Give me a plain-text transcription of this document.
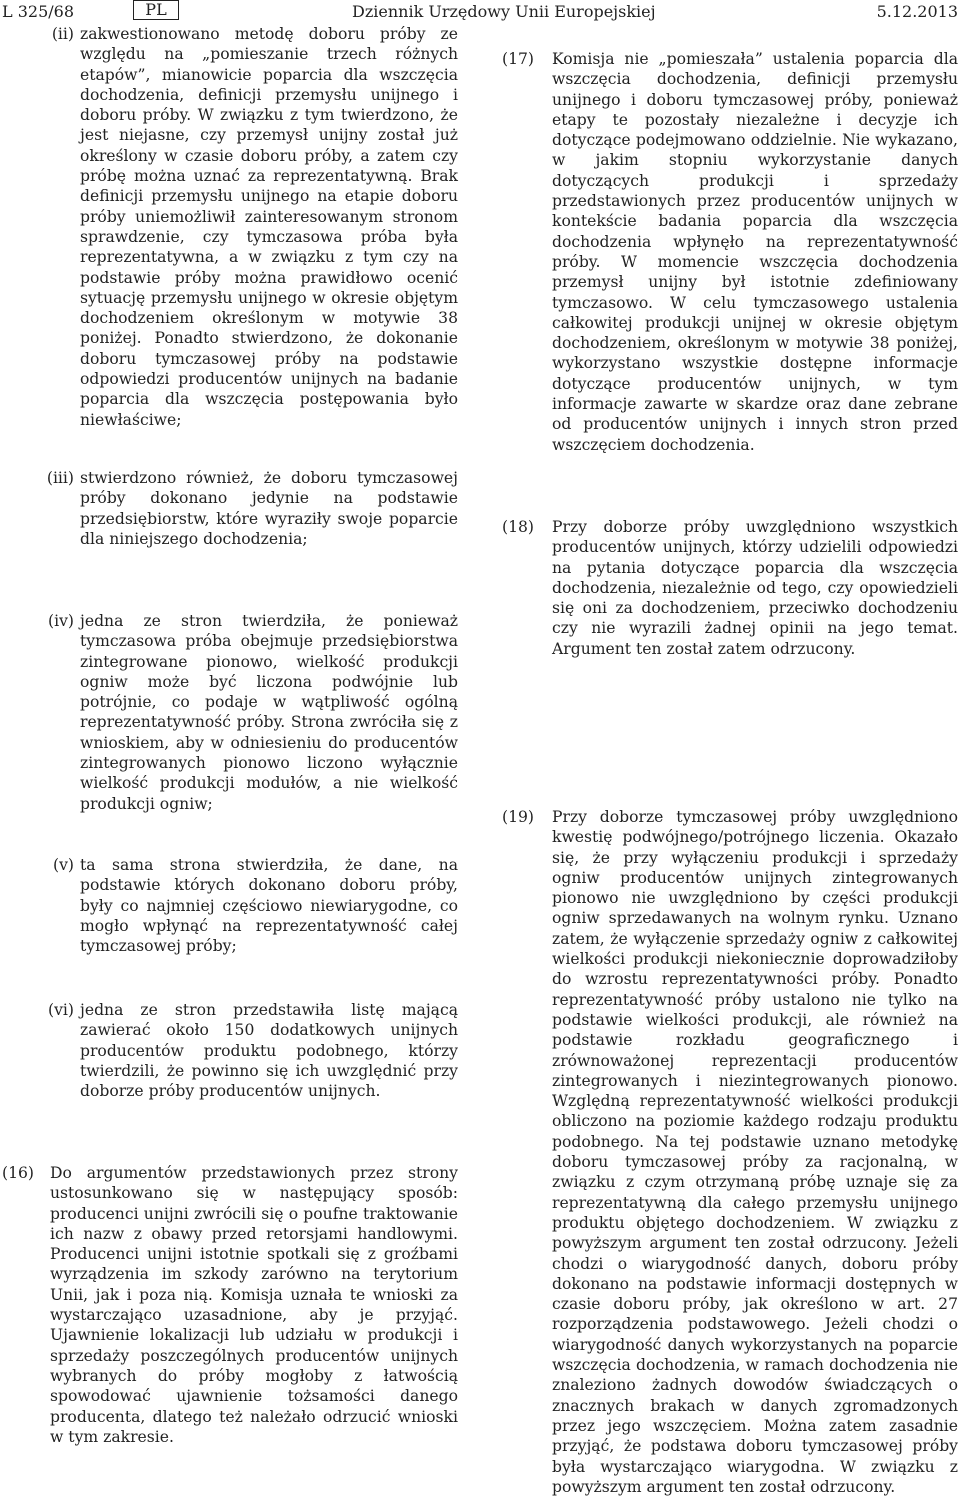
L 325/68	PL	Dziennik Urzędowy Unii Europejskiej	5.12.2013
(ii) zakwestionowano metodę doboru próby ze względu na „pomieszanie trzech różnych etapów”, mianowicie poparcia dla wszczęcia dochodzenia, definicji przemysłu unijnego i doboru próby. W związku z tym twierdzono, że jest niejasne, czy przemysł unijny został już określony w czasie doboru próby, a zatem czy próbę można uznać za reprezentatywną. Brak definicji przemysłu unijnego na etapie doboru próby uniemożliwił zainteresowanym stronom sprawdzenie, czy tymczasowa próba była reprezentatywna, a w związku z tym czy na podstawie próby można prawidłowo ocenić sytuację przemysłu unijnego w okresie objętym dochodzeniem określonym w motywie 38 poniżej. Ponadto stwierdzono, że dokonanie doboru tymczasowej próby na podstawie odpowiedzi producentów unijnych na badanie poparcia dla wszczęcia postępowania było niewłaściwe;
(iii) stwierdzono również, że doboru tymczasowej próby dokonano jedynie na podstawie przedsiębiorstw, które wyraziły swoje poparcie dla niniejszego dochodzenia;
(iv) jedna ze stron twierdziła, że ponieważ tymczasowa próba obejmuje przedsiębiorstwa zintegrowane pionowo, wielkość produkcji ogniw może być liczona podwójnie lub potrójnie, co podaje w wątpliwość ogólną reprezentatywność próby. Strona zwróciła się z wnioskiem, aby w odniesieniu do producentów zintegrowanych pionowo liczono wyłącznie wielkość produkcji modułów, a nie wielkość produkcji ogniw;
(v) ta sama strona stwierdziła, że dane, na podstawie których dokonano doboru próby, były co najmniej częściowo niewiarygodne, co mogło wpłynąć na reprezentatywność całej tymczasowej próby;
(vi) jedna ze stron przedstawiła listę mającą zawierać około 150 dodatkowych unijnych producentów produktu podobnego, którzy twierdzili, że powinno się ich uwzględnić przy doborze próby producentów unijnych.
(16)	Do argumentów przedstawionych przez strony ustosunkowano się w następujący sposób: producenci unijni zwrócili się o poufne traktowanie ich nazw z obawy przed retorsjami handlowymi. Producenci unijni istotnie spotkali się z groźbami wyrządzenia im szkody zarówno na terytorium Unii, jak i poza nią. Komisja uznała te wnioski za wystarczająco uzasadnione, aby je przyjąć. Ujawnienie lokalizacji lub udziału w produkcji i sprzedaży poszczególnych producentów unijnych wybranych do próby mogłoby z łatwością spowodować ujawnienie tożsamości danego producenta, dlatego też należało odrzucić wnioski w tym zakresie.
(17)	Komisja nie „pomieszała” ustalenia poparcia dla wszczęcia dochodzenia, definicji przemysłu unijnego i doboru tymczasowej próby, ponieważ etapy te pozostały niezależne i decyzje ich dotyczące podejmowano oddzielnie. Nie wykazano, w jakim stopniu wykorzystanie danych dotyczących produkcji i sprzedaży przedstawionych przez producentów unijnych w kontekście badania poparcia dla wszczęcia dochodzenia wpłynęło na reprezentatywność próby. W momencie wszczęcia dochodzenia przemysł unijny był istotnie zdefiniowany tymczasowo. W celu tymczasowego ustalenia całkowitej produkcji unijnej w okresie objętym dochodzeniem, określonym w motywie 38 poniżej, wykorzystano wszystkie dostępne informacje dotyczące producentów unijnych, w tym informacje zawarte w skardze oraz dane zebrane od producentów unijnych i innych stron przed wszczęciem dochodzenia.
(18)	Przy doborze próby uwzględniono wszystkich producentów unijnych, którzy udzielili odpowiedzi na pytania dotyczące poparcia dla wszczęcia dochodzenia, niezależnie od tego, czy opowiedzieli się oni za dochodzeniem, przeciwko dochodzeniu czy nie wyrazili żadnej opinii na jego temat. Argument ten został zatem odrzucony.
(19)	Przy doborze tymczasowej próby uwzględniono kwestię podwójnego/potrójnego liczenia. Okazało się, że przy wyłączeniu produkcji i sprzedaży ogniw producentów unijnych zintegrowanych pionowo nie uwzględniono by części produkcji ogniw sprzedawanych na wolnym rynku. Uznano zatem, że wyłączenie sprzedaży ogniw z całkowitej wielkości produkcji niekoniecznie doprowadziłoby do wzrostu reprezentatywności próby. Ponadto reprezentatywność próby ustalono nie tylko na podstawie wielkości produkcji, ale również na podstawie rozkładu geograficznego i zrównoważonej reprezentacji producentów zintegrowanych i niezintegrowanych pionowo. Względną reprezentatywność wielkości produkcji obliczono na poziomie każdego rodzaju produktu podobnego. Na tej podstawie uznano metodykę doboru tymczasowej próby za racjonalną, w związku z czym otrzymaną próbę uznaje się za reprezentatywną dla całego przemysłu unijnego produktu objętego dochodzeniem. W związku z powyższym argument ten został odrzucony. Jeżeli chodzi o wiarygodność danych, doboru próby dokonano na podstawie informacji dostępnych w czasie doboru próby, jak określono w art. 27 rozporządzenia podstawowego. Jeżeli chodzi o wiarygodność danych wykorzystanych na poparcie wszczęcia dochodzenia, w ramach dochodzenia nie znaleziono żadnych dowodów świadczących o znacznych brakach w danych zgromadzonych przez jego wszczęciem. Można zatem zasadnie przyjąć, że podstawa doboru tymczasowej próby była wystarczająco wiarygodna. W związku z powyższym argument ten został odrzucony.
